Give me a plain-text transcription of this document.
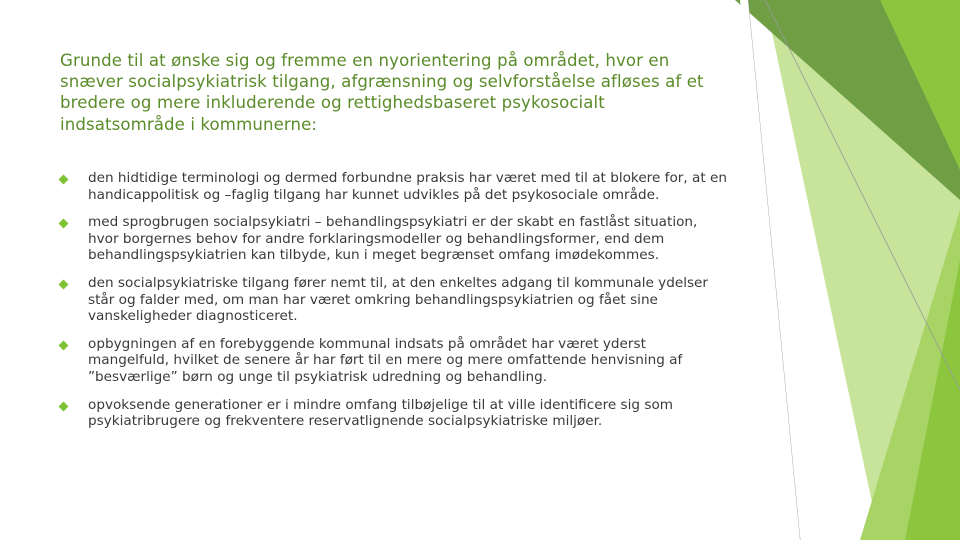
Grunde til at ønske sig og fremme en nyorientering på området, hvor en snæver socialpsykiatrisk tilgang, afgrænsning og selvforståelse afløses af et bredere og mere inkluderende og rettighedsbaseret psykosocialt indsatsområde i kommunerne:

den hidtidige terminologi og dermed forbundne praksis har været med til at blokere for, at en handicappolitisk og –faglig tilgang har kunnet udvikles på det psykosociale område.
med sprogbrugen socialpsykiatri – behandlingspsykiatri er der skabt en fastlåst situation, hvor borgernes behov for andre forklaringsmodeller og behandlingsformer, end dem behandlingspsykiatrien kan tilbyde, kun i meget begrænset omfang imødekommes.
den socialpsykiatriske tilgang fører nemt til, at den enkeltes adgang til kommunale ydelser står og falder med, om man har været omkring behandlingspsykiatrien og fået sine vanskeligheder diagnosticeret.
opbygningen af en forebyggende kommunal indsats på området har været yderst mangelfuld, hvilket de senere år har ført til en mere og mere omfattende henvisning af ”besværlige” børn og unge til psykiatrisk udredning og behandling.
opvoksende generationer er i mindre omfang tilbøjelige til at ville identificere sig som psykiatribrugere og frekventere reservatlignende socialpsykiatriske miljøer.
